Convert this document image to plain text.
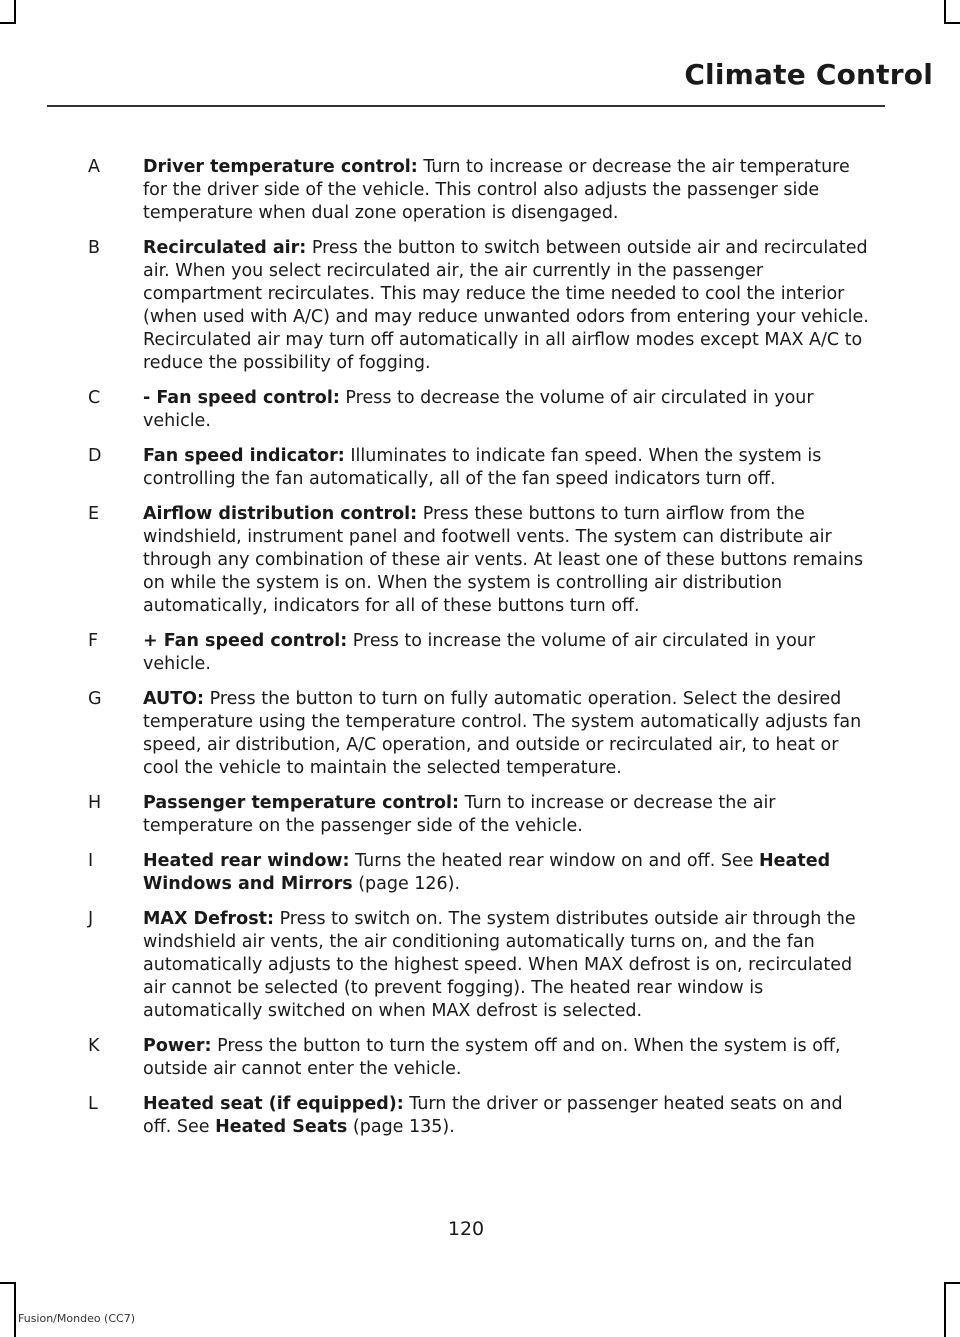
Climate Control
A	Driver temperature control: Turn to increase or decrease the air temperature for the driver side of the vehicle. This control also adjusts the passenger side temperature when dual zone operation is disengaged.
B	Recirculated air: Press the button to switch between outside air and recirculated air. When you select recirculated air, the air currently in the passenger compartment recirculates. This may reduce the time needed to cool the interior (when used with A/C) and may reduce unwanted odors from entering your vehicle. Recirculated air may turn off automatically in all airflow modes except MAX A/C to reduce the possibility of fogging.
C	- Fan speed control: Press to decrease the volume of air circulated in your vehicle.
D	Fan speed indicator: Illuminates to indicate fan speed. When the system is controlling the fan automatically, all of the fan speed indicators turn off.
E	Airflow distribution control: Press these buttons to turn airflow from the windshield, instrument panel and footwell vents. The system can distribute air through any combination of these air vents. At least one of these buttons remains on while the system is on. When the system is controlling air distribution automatically, indicators for all of these buttons turn off.
F	+ Fan speed control: Press to increase the volume of air circulated in your vehicle.
G	AUTO: Press the button to turn on fully automatic operation. Select the desired temperature using the temperature control. The system automatically adjusts fan speed, air distribution, A/C operation, and outside or recirculated air, to heat or cool the vehicle to maintain the selected temperature.
H	Passenger temperature control: Turn to increase or decrease the air temperature on the passenger side of the vehicle.
I	Heated rear window: Turns the heated rear window on and off. See Heated Windows and Mirrors (page 126).
J	MAX Defrost: Press to switch on. The system distributes outside air through the windshield air vents, the air conditioning automatically turns on, and the fan automatically adjusts to the highest speed. When MAX defrost is on, recirculated air cannot be selected (to prevent fogging). The heated rear window is automatically switched on when MAX defrost is selected.
K	Power: Press the button to turn the system off and on. When the system is off, outside air cannot enter the vehicle.
L	Heated seat (if equipped): Turn the driver or passenger heated seats on and off. See Heated Seats (page 135).
120
Fusion/Mondeo (CC7)
